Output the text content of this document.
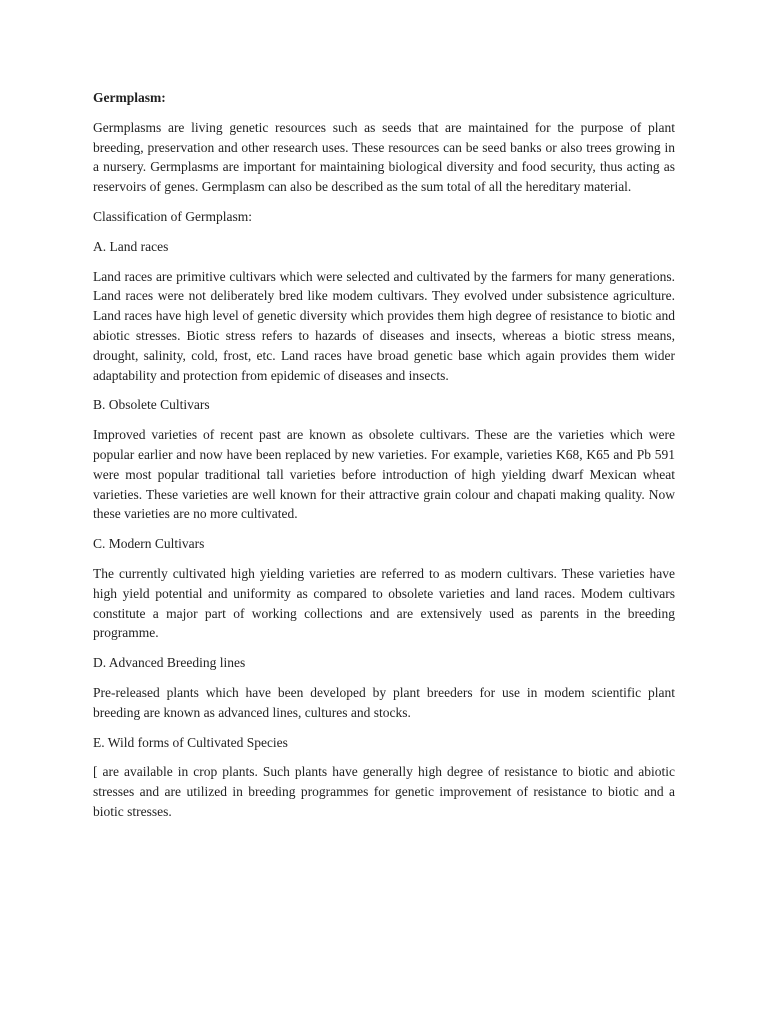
Germplasm:

Germplasms are living genetic resources such as seeds that are maintained for the purpose of plant breeding, preservation and other research uses. These resources can be seed banks or also trees growing in a nursery. Germplasms are important for maintaining biological diversity and food security, thus acting as reservoirs of genes. Germplasm can also be described as the sum total of all the hereditary material.

Classification of Germplasm:

A. Land races

Land races are primitive cultivars which were selected and cultivated by the farmers for many generations. Land races were not deliberately bred like modem cultivars. They evolved under subsistence agriculture. Land races have high level of genetic diversity which provides them high degree of resistance to biotic and abiotic stresses. Biotic stress refers to hazards of diseases and insects, whereas a biotic stress means, drought, salinity, cold, frost, etc. Land races have broad genetic base which again provides them wider adaptability and protection from epidemic of diseases and insects.

B. Obsolete Cultivars

Improved varieties of recent past are known as obsolete cultivars. These are the varieties which were popular earlier and now have been replaced by new varieties. For example, varieties K68, K65 and Pb 591 were most popular traditional tall varieties before introduction of high yielding dwarf Mexican wheat varieties. These varieties are well known for their attractive grain colour and chapati making quality. Now these varieties are no more cultivated.

C. Modern Cultivars

The currently cultivated high yielding varieties are referred to as modern cultivars. These varieties have high yield potential and uniformity as compared to obsolete varieties and land races. Modem cultivars constitute a major part of working collections and are extensively used as parents in the breeding programme.

D. Advanced Breeding lines

Pre-released plants which have been developed by plant breeders for use in modem scientific plant breeding are known as advanced lines, cultures and stocks.

E. Wild forms of Cultivated Species

[ are available in crop plants. Such plants have generally high degree of resistance to biotic and abiotic stresses and are utilized in breeding programmes for genetic improvement of resistance to biotic and a biotic stresses.
